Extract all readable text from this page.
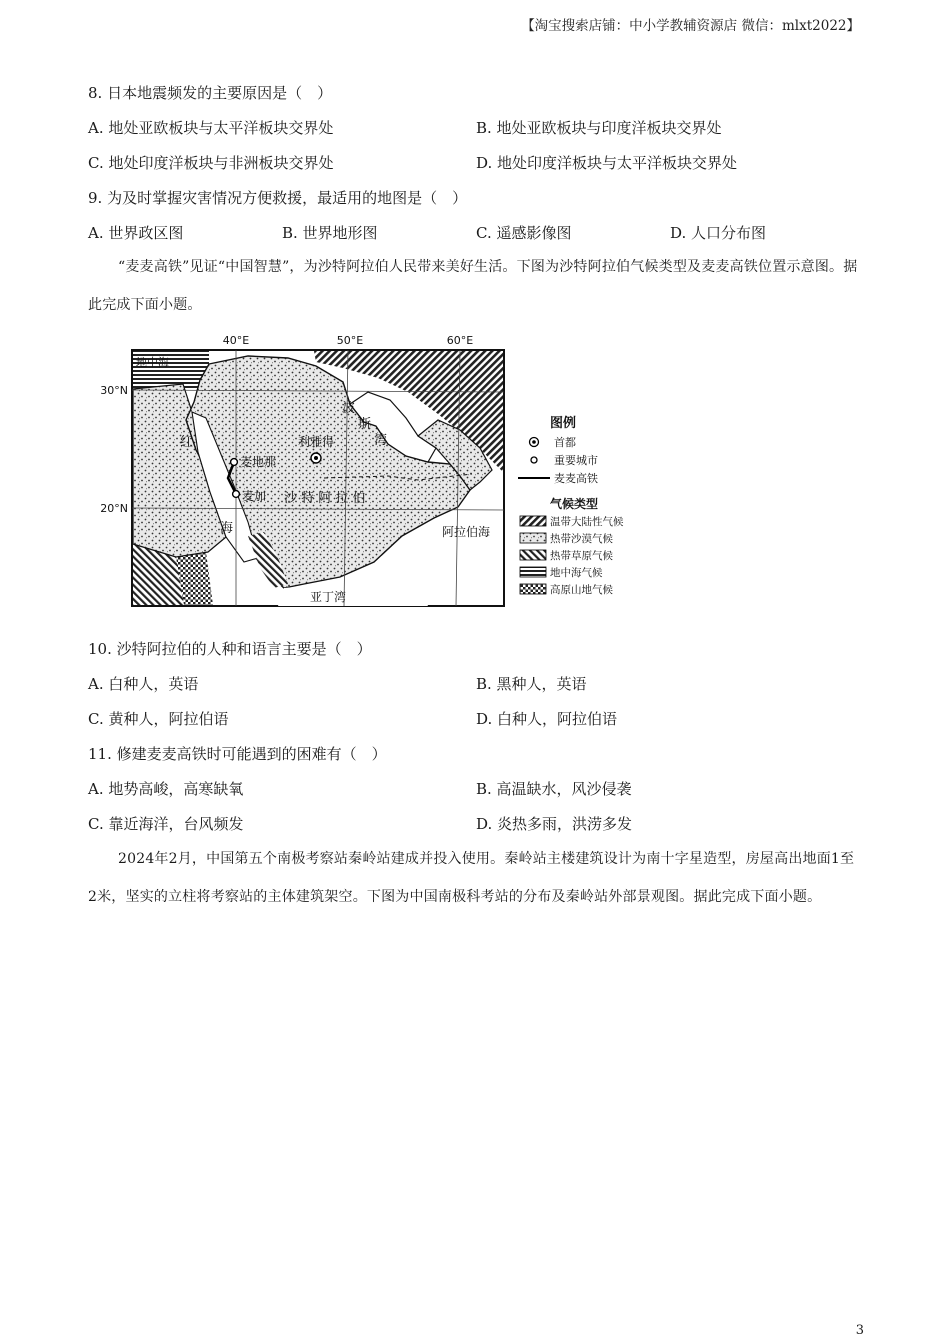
【淘宝搜索店铺：中小学教辅资源店 微信：mlxt2022】
8. 日本地震频发的主要原因是（　）
A. 地处亚欧板块与太平洋板块交界处	B. 地处亚欧板块与印度洋板块交界处
C. 地处印度洋板块与非洲板块交界处	D. 地处印度洋板块与太平洋板块交界处
9. 为及时掌握灾害情况方便救援，最适用的地图是（　）
A. 世界政区图	B. 世界地形图	C. 遥感影像图	D. 人口分布图
“麦麦高铁”见证“中国智慧”，为沙特阿拉伯人民带来美好生活。下图为沙特阿拉伯气候类型及麦麦高铁位置示意图。据此完成下面小题。
40°E	50°E	60°E
30°N
20°N
地中海
红
海
麦地那
麦加
利雅得
沙 特 阿 拉 伯
波
斯
湾
阿拉伯海
亚丁湾
图例
首都
重要城市
麦麦高铁
气候类型
温带大陆性气候
热带沙漠气候
热带草原气候
地中海气候
高原山地气候
10. 沙特阿拉伯的人种和语言主要是（　）
A. 白种人，英语	B. 黑种人，英语
C. 黄种人，阿拉伯语	D. 白种人，阿拉伯语
11. 修建麦麦高铁时可能遇到的困难有（　）
A. 地势高峻，高寒缺氧	B. 高温缺水，风沙侵袭
C. 靠近海洋，台风频发	D. 炎热多雨，洪涝多发
2024年2月，中国第五个南极考察站秦岭站建成并投入使用。秦岭站主楼建筑设计为南十字星造型，房屋高出地面1至2米，坚实的立柱将考察站的主体建筑架空。下图为中国南极科考站的分布及秦岭站外部景观图。据此完成下面小题。
3
